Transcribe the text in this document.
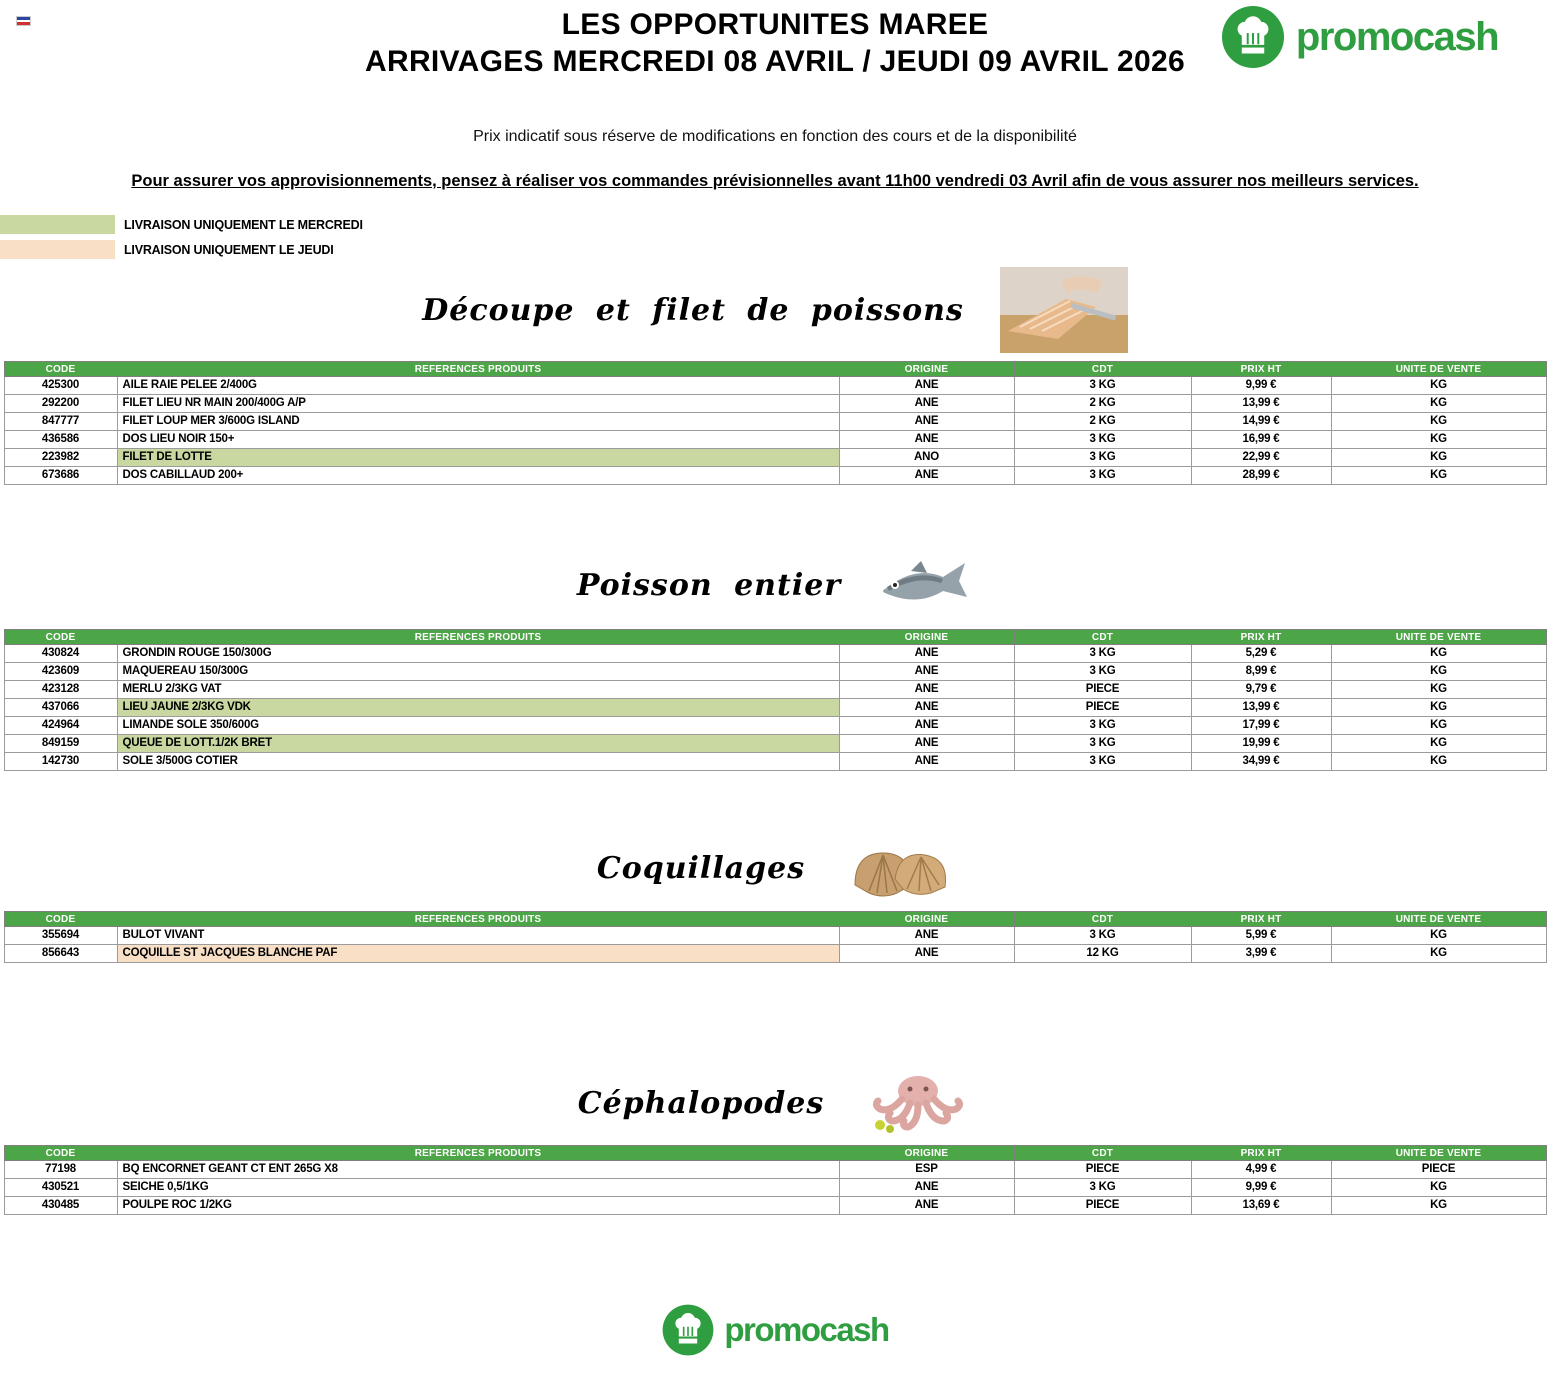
LES OPPORTUNITES MAREE
ARRIVAGES MERCREDI 08 AVRIL / JEUDI 09 AVRIL 2026
promocash

Prix indicatif sous réserve de modifications en fonction des cours et de la disponibilité

Pour assurer vos approvisionnements, pensez à réaliser vos commandes prévisionnelles avant 11h00 vendredi 03 Avril afin de vous assurer nos meilleurs services.

LIVRAISON UNIQUEMENT LE MERCREDI
LIVRAISON UNIQUEMENT LE JEUDI
Découpe et filet de poissons
CODE	REFERENCES PRODUITS	ORIGINE	CDT	PRIX HT	UNITE DE VENTE
425300	AILE RAIE PELEE 2/400G	ANE	3 KG	9,99 €	KG
292200	FILET LIEU NR MAIN 200/400G A/P	ANE	2 KG	13,99 €	KG
847777	FILET LOUP MER 3/600G ISLAND	ANE	2 KG	14,99 €	KG
436586	DOS LIEU NOIR 150+	ANE	3 KG	16,99 €	KG
223982	FILET DE LOTTE	ANO	3 KG	22,99 €	KG
673686	DOS CABILLAUD 200+	ANE	3 KG	28,99 €	KG
Poisson entier
CODE	REFERENCES PRODUITS	ORIGINE	CDT	PRIX HT	UNITE DE VENTE
430824	GRONDIN ROUGE 150/300G	ANE	3 KG	5,29 €	KG
423609	MAQUEREAU 150/300G	ANE	3 KG	8,99 €	KG
423128	MERLU 2/3KG VAT	ANE	PIECE	9,79 €	KG
437066	LIEU JAUNE 2/3KG VDK	ANE	PIECE	13,99 €	KG
424964	LIMANDE SOLE 350/600G	ANE	3 KG	17,99 €	KG
849159	QUEUE DE LOTT.1/2K BRET	ANE	3 KG	19,99 €	KG
142730	SOLE 3/500G COTIER	ANE	3 KG	34,99 €	KG
Coquillages
CODE	REFERENCES PRODUITS	ORIGINE	CDT	PRIX HT	UNITE DE VENTE
355694	BULOT VIVANT	ANE	3 KG	5,99 €	KG
856643	COQUILLE ST JACQUES BLANCHE PAF	ANE	12 KG	3,99 €	KG
Céphalopodes
CODE	REFERENCES PRODUITS	ORIGINE	CDT	PRIX HT	UNITE DE VENTE
77198	BQ ENCORNET GEANT CT ENT 265G X8	ESP	PIECE	4,99 €	PIECE
430521	SEICHE 0,5/1KG	ANE	3 KG	9,99 €	KG
430485	POULPE ROC 1/2KG	ANE	PIECE	13,69 €	KG
promocash
